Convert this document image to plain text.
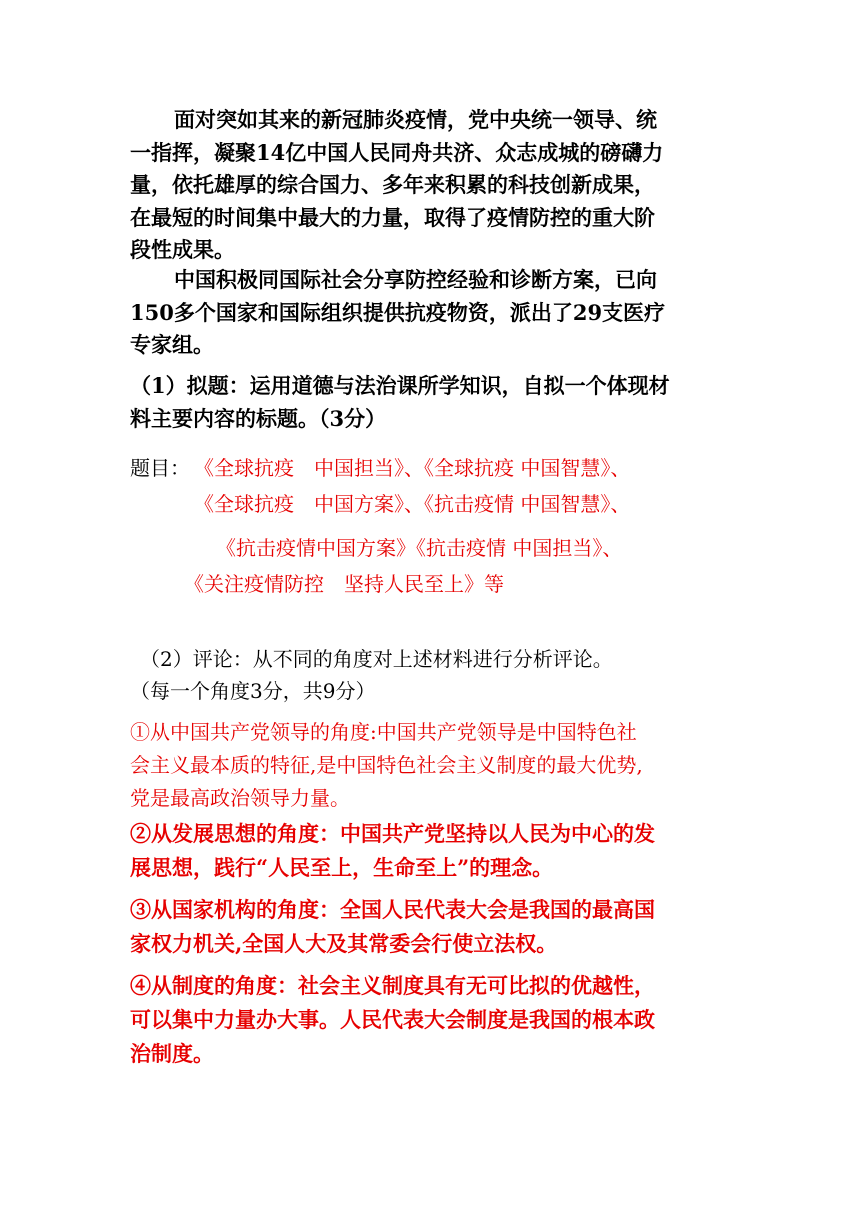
面对突如其来的新冠肺炎疫情，党中央统一领导、统
一指挥，凝聚14亿中国人民同舟共济、众志成城的磅礴力
量，依托雄厚的综合国力、多年来积累的科技创新成果，
在最短的时间集中最大的力量，取得了疫情防控的重大阶
段性成果。
中国积极同国际社会分享防控经验和诊断方案，已向
150多个国家和国际组织提供抗疫物资，派出了29支医疗
专家组。
（1）拟题：运用道德与法治课所学知识，自拟一个体现材
料主要内容的标题。（3分）
题目： 《全球抗疫　中国担当》、《全球抗疫 中国智慧》、
《全球抗疫　中国方案》、《抗击疫情 中国智慧》、
《抗击疫情中国方案》《抗击疫情 中国担当》、
《关注疫情防控　坚持人民至上》等
（2）评论：从不同的角度对上述材料进行分析评论。
（每一个角度3分，共9分）
①从中国共产党领导的角度:中国共产党领导是中国特色社
会主义最本质的特征,是中国特色社会主义制度的最大优势,
党是最高政治领导力量。
②从发展思想的角度：中国共产党坚持以人民为中心的发
展思想，践行“人民至上，生命至上”的理念。
③从国家机构的角度：全国人民代表大会是我国的最高国
家权力机关,全国人大及其常委会行使立法权。
④从制度的角度：社会主义制度具有无可比拟的优越性，
可以集中力量办大事。人民代表大会制度是我国的根本政
治制度。
